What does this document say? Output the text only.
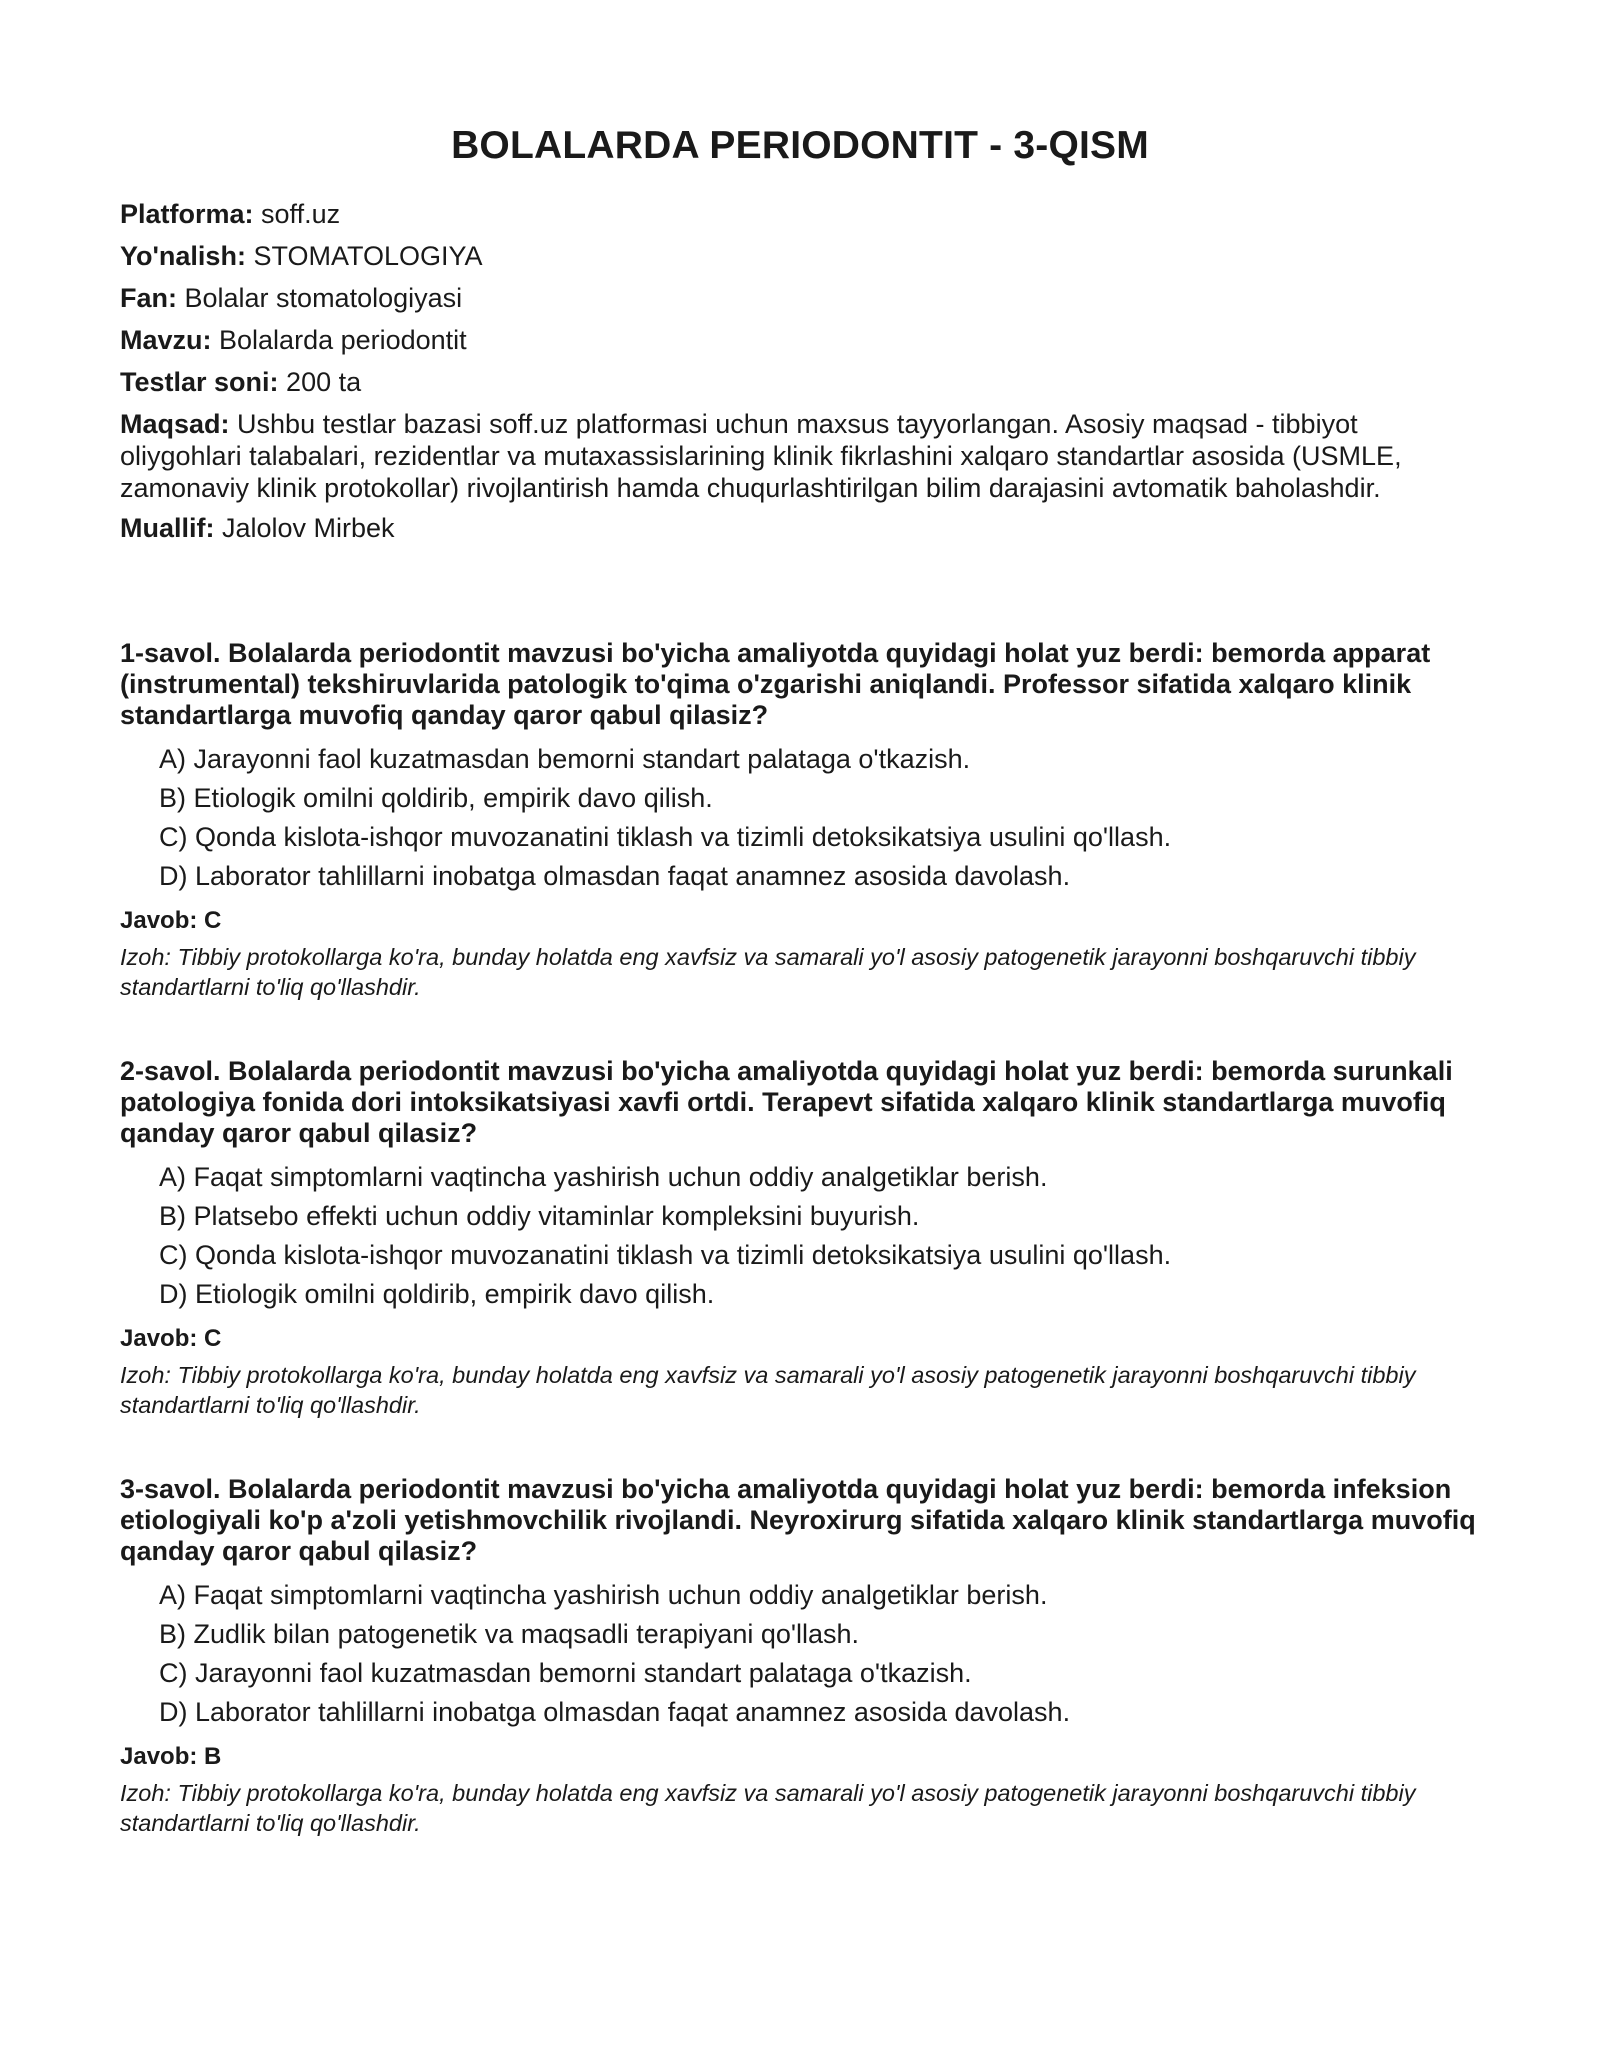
BOLALARDA PERIODONTIT - 3-QISM

Platforma: soff.uz

Yo'nalish: STOMATOLOGIYA

Fan: Bolalar stomatologiyasi

Mavzu: Bolalarda periodontit

Testlar soni: 200 ta

Maqsad: Ushbu testlar bazasi soff.uz platformasi uchun maxsus tayyorlangan. Asosiy maqsad - tibbiyot oliygohlari talabalari, rezidentlar va mutaxassislarining klinik fikrlashini xalqaro standartlar asosida (USMLE, zamonaviy klinik protokollar) rivojlantirish hamda chuqurlashtirilgan bilim darajasini avtomatik baholashdir.

Muallif: Jalolov Mirbek

1-savol. Bolalarda periodontit mavzusi bo'yicha amaliyotda quyidagi holat yuz berdi: bemorda apparat (instrumental) tekshiruvlarida patologik to'qima o'zgarishi aniqlandi. Professor sifatida xalqaro klinik standartlarga muvofiq qanday qaror qabul qilasiz?

A) Jarayonni faol kuzatmasdan bemorni standart palataga o'tkazish.
B) Etiologik omilni qoldirib, empirik davo qilish.
C) Qonda kislota-ishqor muvozanatini tiklash va tizimli detoksikatsiya usulini qo'llash.
D) Laborator tahlillarni inobatga olmasdan faqat anamnez asosida davolash.

Javob: C

Izoh: Tibbiy protokollarga ko'ra, bunday holatda eng xavfsiz va samarali yo'l asosiy patogenetik jarayonni boshqaruvchi tibbiy standartlarni to'liq qo'llashdir.

2-savol. Bolalarda periodontit mavzusi bo'yicha amaliyotda quyidagi holat yuz berdi: bemorda surunkali patologiya fonida dori intoksikatsiyasi xavfi ortdi. Terapevt sifatida xalqaro klinik standartlarga muvofiq qanday qaror qabul qilasiz?

A) Faqat simptomlarni vaqtincha yashirish uchun oddiy analgetiklar berish.
B) Platsebo effekti uchun oddiy vitaminlar kompleksini buyurish.
C) Qonda kislota-ishqor muvozanatini tiklash va tizimli detoksikatsiya usulini qo'llash.
D) Etiologik omilni qoldirib, empirik davo qilish.

Javob: C

Izoh: Tibbiy protokollarga ko'ra, bunday holatda eng xavfsiz va samarali yo'l asosiy patogenetik jarayonni boshqaruvchi tibbiy standartlarni to'liq qo'llashdir.

3-savol. Bolalarda periodontit mavzusi bo'yicha amaliyotda quyidagi holat yuz berdi: bemorda infeksion etiologiyali ko'p a'zoli yetishmovchilik rivojlandi. Neyroxirurg sifatida xalqaro klinik standartlarga muvofiq qanday qaror qabul qilasiz?

A) Faqat simptomlarni vaqtincha yashirish uchun oddiy analgetiklar berish.
B) Zudlik bilan patogenetik va maqsadli terapiyani qo'llash.
C) Jarayonni faol kuzatmasdan bemorni standart palataga o'tkazish.
D) Laborator tahlillarni inobatga olmasdan faqat anamnez asosida davolash.

Javob: B

Izoh: Tibbiy protokollarga ko'ra, bunday holatda eng xavfsiz va samarali yo'l asosiy patogenetik jarayonni boshqaruvchi tibbiy standartlarni to'liq qo'llashdir.
